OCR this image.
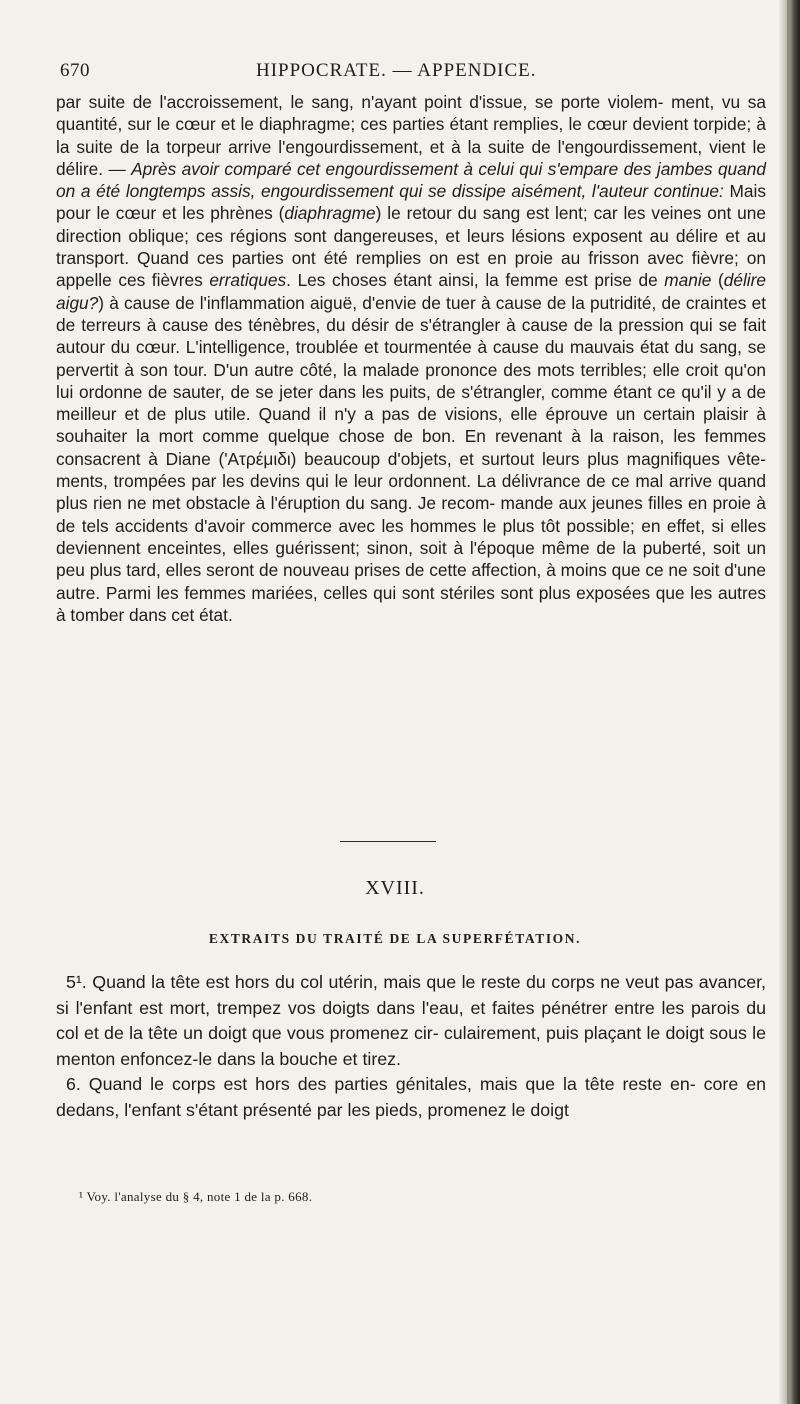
670	HIPPOCRATE. — APPENDICE.

par suite de l'accroissement, le sang, n'ayant point d'issue, se porte violem- ment, vu sa quantité, sur le cœur et le diaphragme; ces parties étant remplies, le cœur devient torpide; à la suite de la torpeur arrive l'engourdissement, et à la suite de l'engourdissement, vient le délire. — Après avoir comparé cet engourdissement à celui qui s'empare des jambes quand on a été longtemps assis, engourdissement qui se dissipe aisément, l'auteur continue: Mais pour le cœur et les phrènes (diaphragme) le retour du sang est lent; car les veines ont une direction oblique; ces régions sont dangereuses, et leurs lésions exposent au délire et au transport. Quand ces parties ont été remplies on est en proie au frisson avec fièvre; on appelle ces fièvres erratiques. Les choses étant ainsi, la femme est prise de manie (délire aigu?) à cause de l'inflammation aiguë, d'envie de tuer à cause de la putridité, de craintes et de terreurs à cause des ténèbres, du désir de s'étrangler à cause de la pression qui se fait autour du cœur. L'intelligence, troublée et tourmentée à cause du mauvais état du sang, se pervertit à son tour. D'un autre côté, la malade prononce des mots terribles; elle croit qu'on lui ordonne de sauter, de se jeter dans les puits, de s'étrangler, comme étant ce qu'il y a de meilleur et de plus utile. Quand il n'y a pas de visions, elle éprouve un certain plaisir à souhaiter la mort comme quelque chose de bon. En revenant à la raison, les femmes consacrent à Diane ('Ατρέμιδι) beaucoup d'objets, et surtout leurs plus magnifiques vête- ments, trompées par les devins qui le leur ordonnent. La délivrance de ce mal arrive quand plus rien ne met obstacle à l'éruption du sang. Je recom- mande aux jeunes filles en proie à de tels accidents d'avoir commerce avec les hommes le plus tôt possible; en effet, si elles deviennent enceintes, elles guérissent; sinon, soit à l'époque même de la puberté, soit un peu plus tard, elles seront de nouveau prises de cette affection, à moins que ce ne soit d'une autre. Parmi les femmes mariées, celles qui sont stériles sont plus exposées que les autres à tomber dans cet état.

XVIII.
EXTRAITS DU TRAITÉ DE LA SUPERFÉTATION.

5¹. Quand la tête est hors du col utérin, mais que le reste du corps ne veut pas avancer, si l'enfant est mort, trempez vos doigts dans l'eau, et faites pénétrer entre les parois du col et de la tête un doigt que vous promenez cir- culairement, puis plaçant le doigt sous le menton enfoncez-le dans la bouche et tirez.

6. Quand le corps est hors des parties génitales, mais que la tête reste en- core en dedans, l'enfant s'étant présenté par les pieds, promenez le doigt

¹ Voy. l'analyse du § 4, note 1 de la p. 668.
